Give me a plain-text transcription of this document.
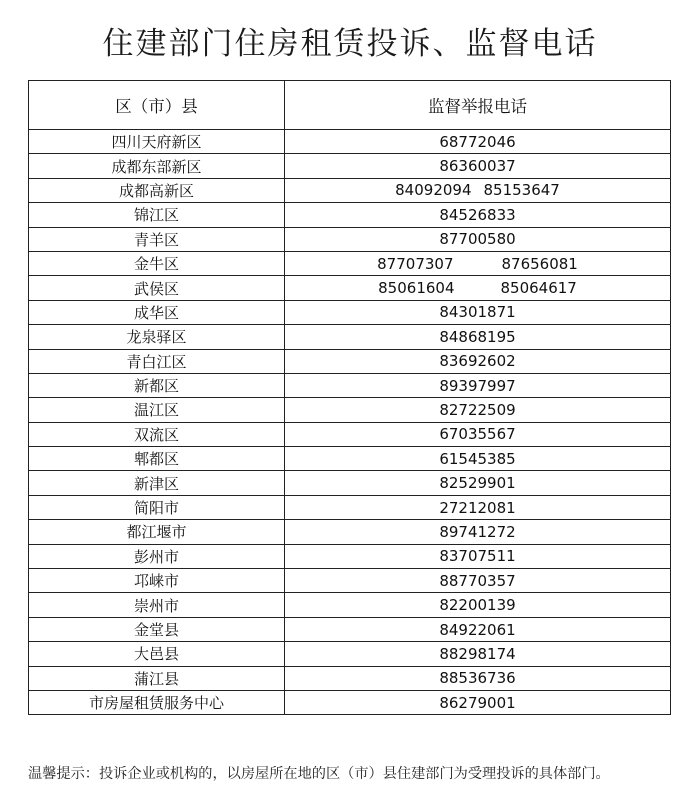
住建部门住房租赁投诉、监督电话
区（市）县	监督举报电话
四川天府新区	68772046
成都东部新区	86360037
成都高新区	84092094 85153647
锦江区	84526833
青羊区	87700580
金牛区	87707307 87656081
武侯区	85061604 85064617
成华区	84301871
龙泉驿区	84868195
青白江区	83692602
新都区	89397997
温江区	82722509
双流区	67035567
郫都区	61545385
新津区	82529901
简阳市	27212081
都江堰市	89741272
彭州市	83707511
邛崃市	88770357
崇州市	82200139
金堂县	84922061
大邑县	88298174
蒲江县	88536736
市房屋租赁服务中心	86279001
温馨提示：投诉企业或机构的，以房屋所在地的区（市）县住建部门为受理投诉的具体部门。
